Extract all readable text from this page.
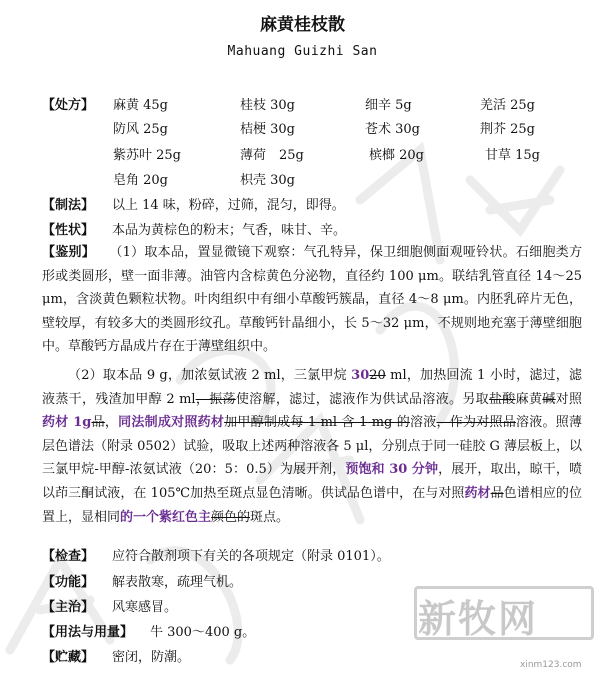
麻黄桂枝散
Mahuang Guizhi San
【处方】 麻黄 45g	桂枝 30g	细辛 5g	羌活 25g
防风 25g	桔梗 30g	苍术 30g	荆芥 25g
紫苏叶 25g	薄荷　25g	槟榔 20g	甘草 15g
皂角 20g	枳壳 30g
【制法】 以上 14 味，粉碎，过筛，混匀，即得。
【性状】 本品为黄棕色的粉末；气香，味甘、辛。

【鉴别】 （1）取本品，置显微镜下观察：气孔特异，保卫细胞侧面观哑铃状。石细胞类方形或类圆形，壁一面非薄。油管内含棕黄色分泌物，直径约 100 μm。联结乳管直径 14～25 μm，含淡黄色颗粒状物。叶肉组织中有细小草酸钙簇晶，直径 4～8 μm。内胚乳碎片无色，壁较厚，有较多大的类圆形纹孔。草酸钙针晶细小，长 5～32 μm，不规则地充塞于薄壁细胞中。草酸钙方晶成片存在于薄壁组织中。

（2）取本品 9 g，加浓氨试液 2 ml，三氯甲烷 3020 ml，加热回流 1 小时，滤过，滤液蒸干，残渣加甲醇 2 ml，振荡使溶解，滤过，滤液作为供试品溶液。另取盐酸麻黄碱对照药材 1g品，同法制成对照药材加甲醇制成每 1 ml 含 1 mg 的溶液，作为对照品溶液。照薄层色谱法（附录 0502）试验，吸取上述两种溶液各 5 μl，分别点于同一硅胶 G 薄层板上，以三氯甲烷-甲醇-浓氨试液（20：5：0.5）为展开剂，预饱和 30 分钟，展开，取出，晾干，喷以茚三酮试液，在 105℃加热至斑点显色清晰。供试品色谱中，在与对照药材品色谱相应的位置上，显相同的一个紫红色主颜色的斑点。

【检查】 应符合散剂项下有关的各项规定（附录 0101）。
【功能】 解表散寒，疏理气机。
【主治】 风寒感冒。
【用法与用量】 牛 300～400 g。
【贮藏】 密闭，防潮。
新牧网
xinm123.com
